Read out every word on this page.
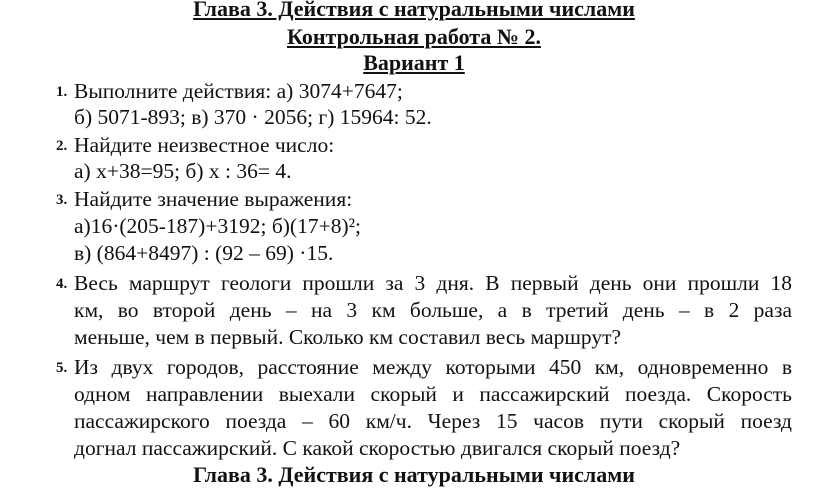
Глава 3. Действия с натуральными числами
Контрольная работа № 2.
Вариант 1
1. Выполните действия: а) 3074+7647;
б) 5071-893; в) 370 · 2056; г) 15964: 52.
2. Найдите неизвестное число:
а) x+38=95; б) x : 36= 4.
3. Найдите значение выражения:
а)16·(205-187)+3192; б)(17+8)²;
в) (864+8497) : (92 – 69) ·15.
4. Весь маршрут геологи прошли за 3 дня. В первый день они прошли 18
км, во второй день – на 3 км больше, а в третий день – в 2 раза
меньше, чем в первый. Сколько км составил весь маршрут?
5. Из двух городов, расстояние между которыми 450 км, одновременно в
одном направлении выехали скорый и пассажирский поезда. Скорость
пассажирского поезда – 60 км/ч. Через 15 часов пути скорый поезд
догнал пассажирский. С какой скоростью двигался скорый поезд?
Глава 3. Действия с натуральными числами
